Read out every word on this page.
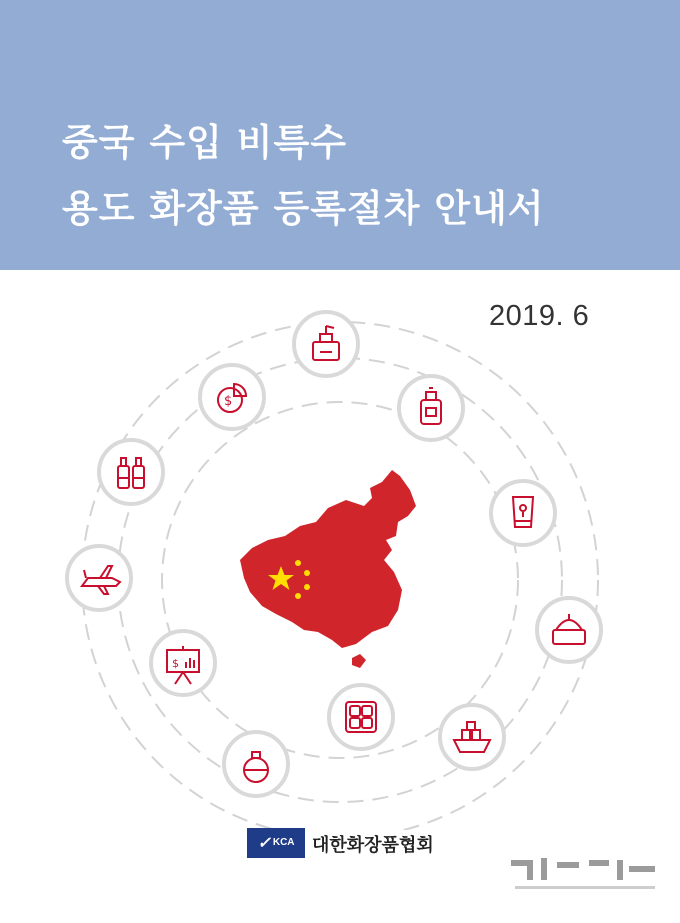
중국 수입 비특수
용도 화장품 등록절차 안내서
2019. 6
$
$
✓ KCA 대한화장품협회
